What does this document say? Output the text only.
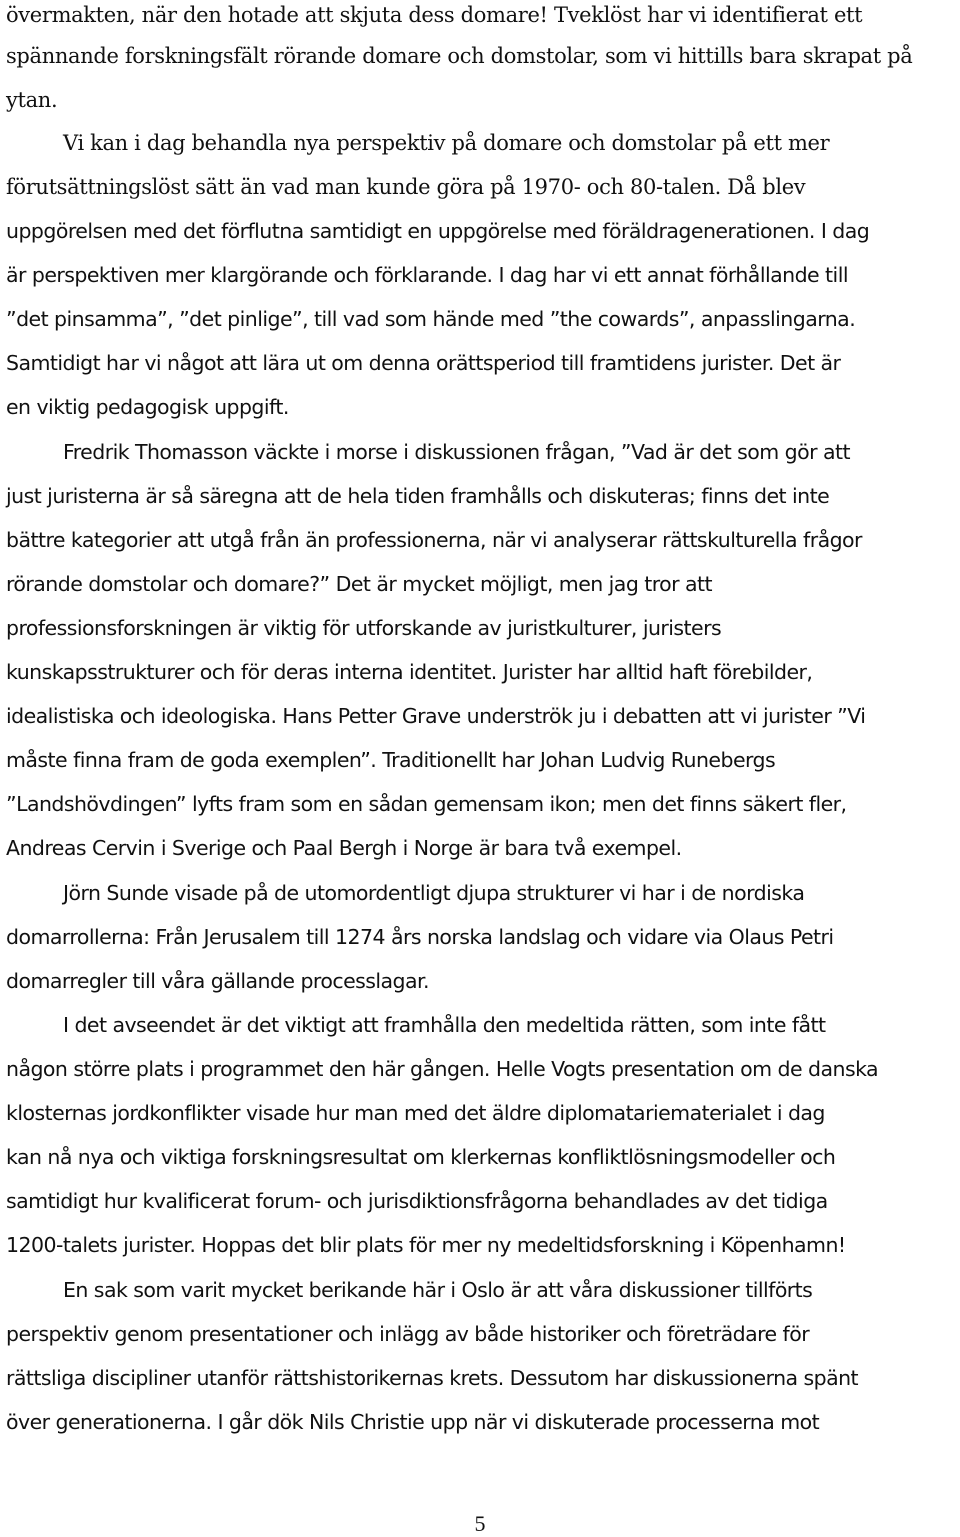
övermakten, när den hotade att skjuta dess domare! Tveklöst har vi identifierat ett
spännande forskningsfält rörande domare och domstolar, som vi hittills bara skrapat på
ytan.
Vi kan i dag behandla nya perspektiv på domare och domstolar på ett mer
förutsättningslöst sätt än vad man kunde göra på 1970- och 80-talen. Då blev
uppgörelsen med det förflutna samtidigt en uppgörelse med föräldragenerationen. I dag
är perspektiven mer klargörande och förklarande. I dag har vi ett annat förhållande till
”det pinsamma”, ”det pinlige”, till vad som hände med ”the cowards”, anpasslingarna.
Samtidigt har vi något att lära ut om denna orättsperiod till framtidens jurister. Det är
en viktig pedagogisk uppgift.
Fredrik Thomasson väckte i morse i diskussionen frågan, ”Vad är det som gör att
just juristerna är så säregna att de hela tiden framhålls och diskuteras; finns det inte
bättre kategorier att utgå från än professionerna, när vi analyserar rättskulturella frågor
rörande domstolar och domare?” Det är mycket möjligt, men jag tror att
professionsforskningen är viktig för utforskande av juristkulturer, juristers
kunskapsstrukturer och för deras interna identitet. Jurister har alltid haft förebilder,
idealistiska och ideologiska. Hans Petter Grave underströk ju i debatten att vi jurister ”Vi
måste finna fram de goda exemplen”. Traditionellt har Johan Ludvig Runebergs
”Landshövdingen” lyfts fram som en sådan gemensam ikon; men det finns säkert fler,
Andreas Cervin i Sverige och Paal Bergh i Norge är bara två exempel.
Jörn Sunde visade på de utomordentligt djupa strukturer vi har i de nordiska
domarrollerna: Från Jerusalem till 1274 års norska landslag och vidare via Olaus Petri
domarregler till våra gällande processlagar.
I det avseendet är det viktigt att framhålla den medeltida rätten, som inte fått
någon större plats i programmet den här gången. Helle Vogts presentation om de danska
klosternas jordkonflikter visade hur man med det äldre diplomatariematerialet i dag
kan nå nya och viktiga forskningsresultat om klerkernas konfliktlösningsmodeller och
samtidigt hur kvalificerat forum- och jurisdiktionsfrågorna behandlades av det tidiga
1200-talets jurister. Hoppas det blir plats för mer ny medeltidsforskning i Köpenhamn!
En sak som varit mycket berikande här i Oslo är att våra diskussioner tillförts
perspektiv genom presentationer och inlägg av både historiker och företrädare för
rättsliga discipliner utanför rättshistorikernas krets. Dessutom har diskussionerna spänt
över generationerna. I går dök Nils Christie upp när vi diskuterade processerna mot
5
